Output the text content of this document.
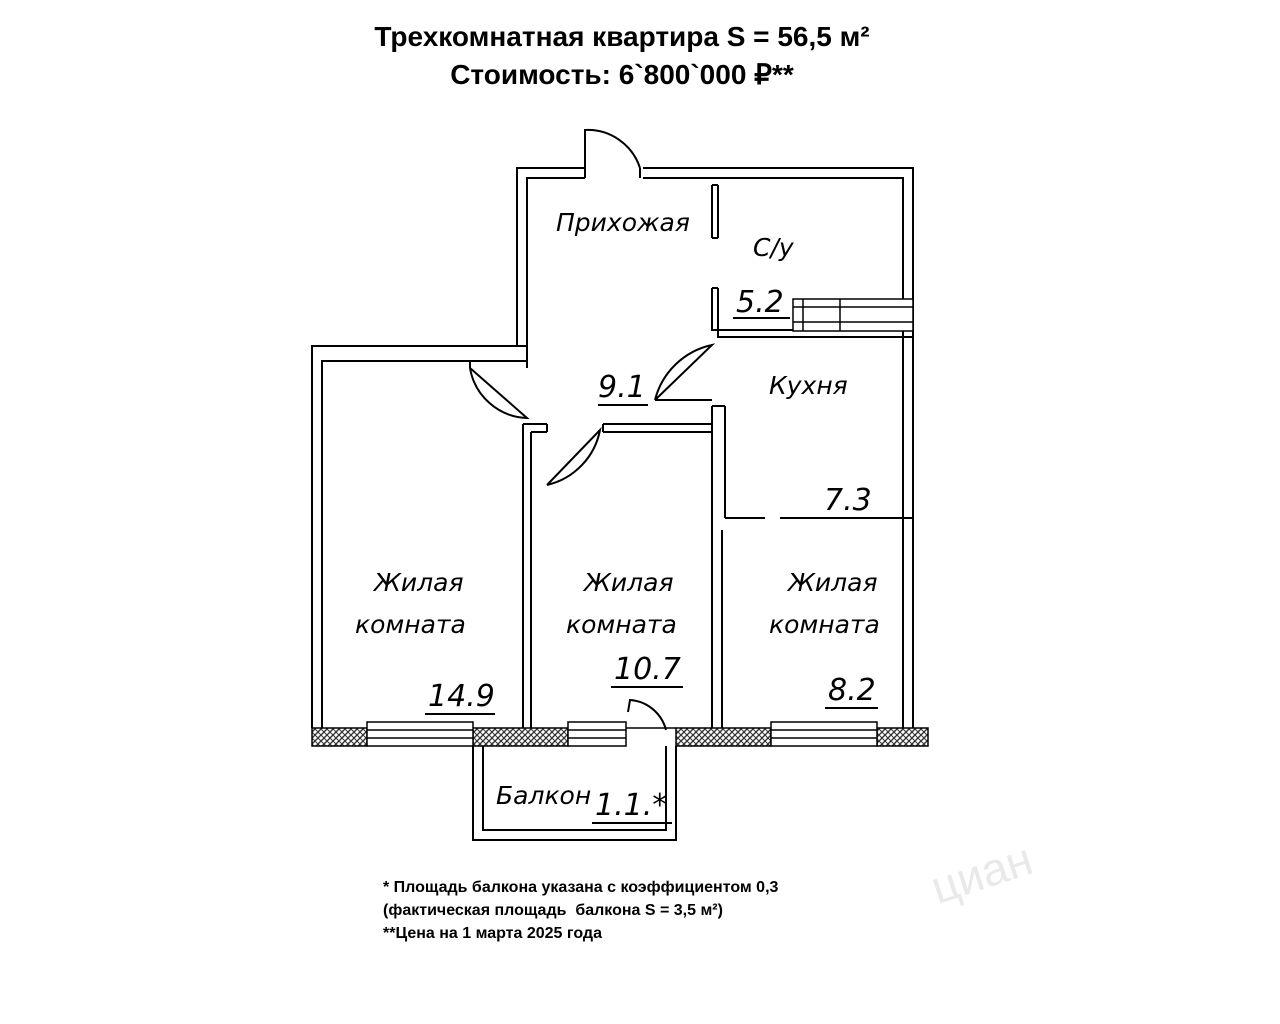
Трехкомнатная квартира S = 56,5 м²
Стоимость: 6`800`000 ₽**
циан
Прихожая
9.1
С/у
5.2
Кухня
7.3
Жилая
комната
14.9
Жилая
комната
10.7
Жилая
комната
8.2
Балкон 1.1.*
* Площадь балкона указана с коэффициентом 0,3
(фактическая площадь  балкона S = 3,5 м²)
**Цена на 1 марта 2025 года
